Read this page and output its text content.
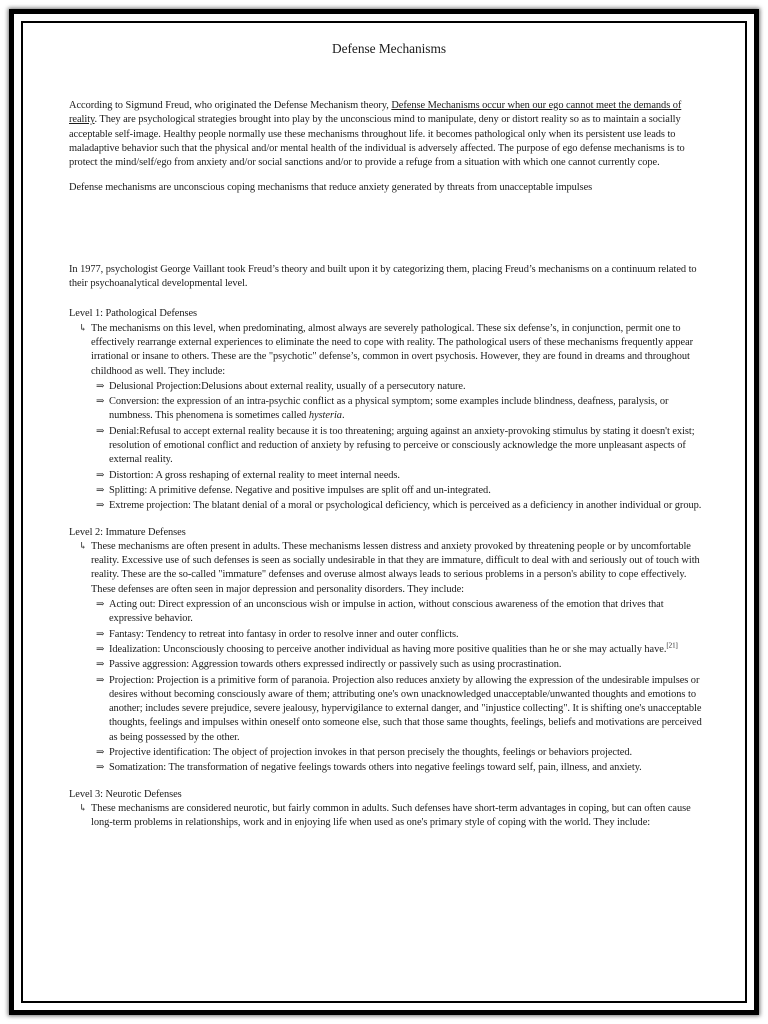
Defense Mechanisms

According to Sigmund Freud, who originated the Defense Mechanism theory, Defense Mechanisms occur when our ego cannot meet the demands of reality. They are psychological strategies brought into play by the unconscious mind to manipulate, deny or distort reality so as to maintain a socially acceptable self-image. Healthy people normally use these mechanisms throughout life. it becomes pathological only when its persistent use leads to maladaptive behavior such that the physical and/or mental health of the individual is adversely affected. The purpose of ego defense mechanisms is to protect the mind/self/ego from anxiety and/or social sanctions and/or to provide a refuge from a situation with which one cannot currently cope.

Defense mechanisms are unconscious coping mechanisms that reduce anxiety generated by threats from unacceptable impulses

In 1977, psychologist George Vaillant took Freud’s theory and built upon it by categorizing them, placing Freud’s mechanisms on a continuum related to their psychoanalytical developmental level.

Level 1: Pathological Defenses
↳ The mechanisms on this level, when predominating, almost always are severely pathological. These six defense’s, in conjunction, permit one to effectively rearrange external experiences to eliminate the need to cope with reality. The pathological users of these mechanisms frequently appear irrational or insane to others. These are the "psychotic" defense’s, common in overt psychosis. However, they are found in dreams and throughout childhood as well. They include:
⇒ Delusional Projection:Delusions about external reality, usually of a persecutory nature.
⇒ Conversion: the expression of an intra-psychic conflict as a physical symptom; some examples include blindness, deafness, paralysis, or numbness. This phenomena is sometimes called hysteria.
⇒ Denial:Refusal to accept external reality because it is too threatening; arguing against an anxiety-provoking stimulus by stating it doesn't exist; resolution of emotional conflict and reduction of anxiety by refusing to perceive or consciously acknowledge the more unpleasant aspects of external reality.
⇒ Distortion: A gross reshaping of external reality to meet internal needs.
⇒ Splitting: A primitive defense. Negative and positive impulses are split off and un-integrated.
⇒ Extreme projection: The blatant denial of a moral or psychological deficiency, which is perceived as a deficiency in another individual or group.
Level 2: Immature Defenses
↳ These mechanisms are often present in adults. These mechanisms lessen distress and anxiety provoked by threatening people or by uncomfortable reality. Excessive use of such defenses is seen as socially undesirable in that they are immature, difficult to deal with and seriously out of touch with reality. These are the so-called "immature" defenses and overuse almost always leads to serious problems in a person's ability to cope effectively. These defenses are often seen in major depression and personality disorders. They include:
⇒ Acting out: Direct expression of an unconscious wish or impulse in action, without conscious awareness of the emotion that drives that expressive behavior.
⇒ Fantasy: Tendency to retreat into fantasy in order to resolve inner and outer conflicts.
⇒ Idealization: Unconsciously choosing to perceive another individual as having more positive qualities than he or she may actually have.[21]
⇒ Passive aggression: Aggression towards others expressed indirectly or passively such as using procrastination.
⇒ Projection: Projection is a primitive form of paranoia. Projection also reduces anxiety by allowing the expression of the undesirable impulses or desires without becoming consciously aware of them; attributing one's own unacknowledged unacceptable/unwanted thoughts and emotions to another; includes severe prejudice, severe jealousy, hypervigilance to external danger, and "injustice collecting". It is shifting one's unacceptable thoughts, feelings and impulses within oneself onto someone else, such that those same thoughts, feelings, beliefs and motivations are perceived as being possessed by the other.
⇒ Projective identification: The object of projection invokes in that person precisely the thoughts, feelings or behaviors projected.
⇒ Somatization: The transformation of negative feelings towards others into negative feelings toward self, pain, illness, and anxiety.
Level 3: Neurotic Defenses
↳ These mechanisms are considered neurotic, but fairly common in adults. Such defenses have short-term advantages in coping, but can often cause long-term problems in relationships, work and in enjoying life when used as one's primary style of coping with the world. They include:
